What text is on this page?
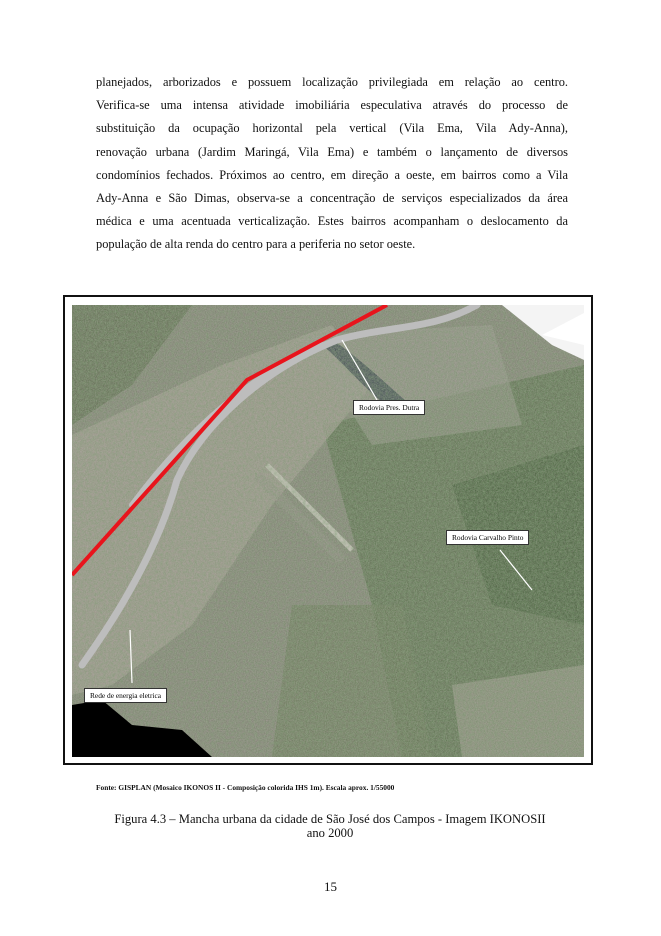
planejados, arborizados e possuem localização privilegiada em relação ao centro.
Verifica-se uma intensa atividade imobiliária especulativa através do processo de
substituição da ocupação horizontal pela vertical (Vila Ema, Vila Ady-Anna),
renovação urbana (Jardim Maringá, Vila Ema) e também o lançamento de diversos
condomínios fechados. Próximos ao centro, em direção a oeste, em bairros como a Vila
Ady-Anna e São Dimas, observa-se a concentração de serviços especializados da área
médica e uma acentuada verticalização. Estes bairros acompanham o deslocamento da
população de alta renda do centro para a periferia no setor oeste.

Rodovia Pres. Dutra
Rodovia Carvalho Pinto
Rede de energia eletrica
Fonte: GISPLAN (Mosaico IKONOS II - Composição colorida IHS 1m). Escala aprox. 1/55000
Figura 4.3 – Mancha urbana da cidade de São José dos Campos - Imagem IKONOSII
ano 2000
15
